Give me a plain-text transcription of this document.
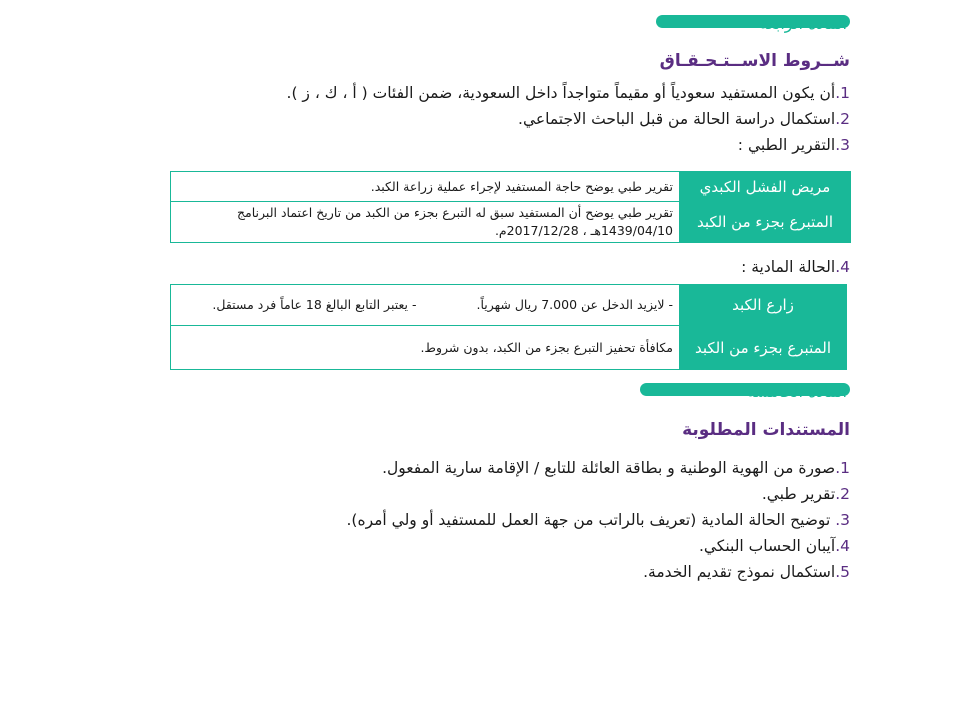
المادة الرابعة
شــروط الاســتـحـقـاق
1.أن يكون المستفيد سعودياً أو مقيماً متواجداً داخل السعودية، ضمن الفئات ( أ ، ك ، ز ).
2.استكمال دراسة الحالة من قبل الباحث الاجتماعي.
3.التقرير الطبي :
مريض الفشل الكبدي	تقرير طبي يوضح حاجة المستفيد لإجراء عملية زراعة الكبد.
المتبرع بجزء من الكبد	تقرير طبي يوضح أن المستفيد سبق له التبرع بجزء من الكبد من تاريخ اعتماد البرنامج 1439/04/10هـ ، 2017/12/28م.
4.الحالة المادية :
زارع الكبد	- لايزيد الدخل عن 7.000 ريال شهرياً.- يعتبر التابع البالغ 18 عاماً فرد مستقل.
المتبرع بجزء من الكبد	مكافأة تحفيز التبرع بجزء من الكبد، بدون شروط.
المادة الخامسة
المستندات المطلوبة
1.صورة من الهوية الوطنية و بطاقة العائلة للتابع / الإقامة سارية المفعول.
2.تقرير طبي.
3. توضيح الحالة المادية (تعريف بالراتب من جهة العمل للمستفيد أو ولي أمره).
4.آيبان الحساب البنكي.
5.استكمال نموذج تقديم الخدمة.
